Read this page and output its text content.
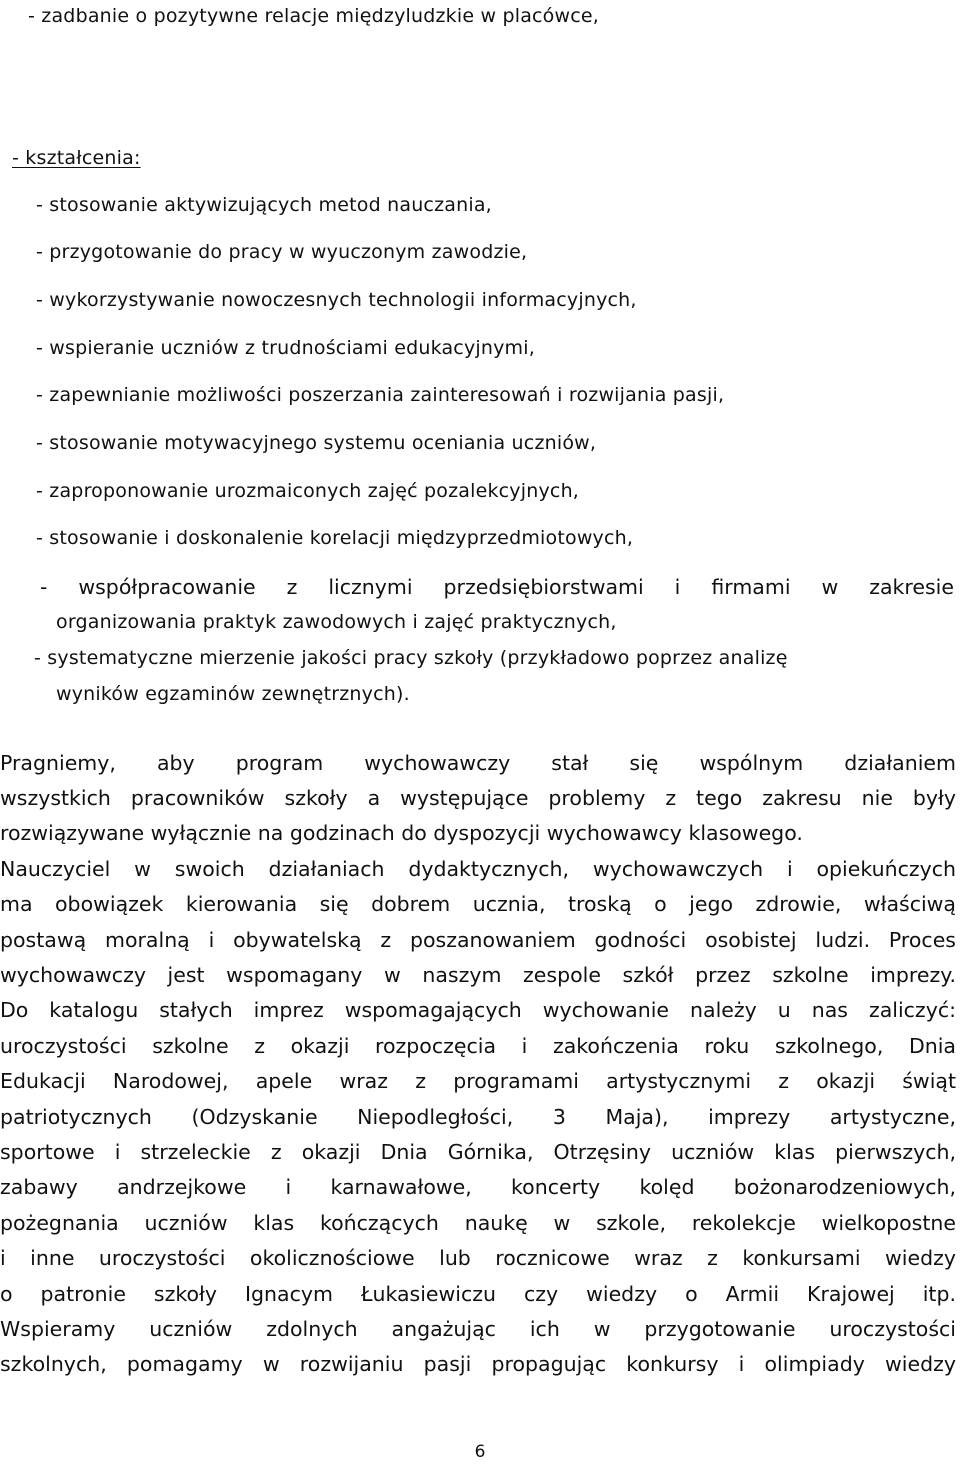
- zadbanie o pozytywne relacje międzyludzkie w placówce,
- kształcenia:
- stosowanie aktywizujących metod nauczania,
- przygotowanie do pracy w wyuczonym zawodzie,
- wykorzystywanie nowoczesnych technologii informacyjnych,
- wspieranie uczniów z trudnościami edukacyjnymi,
- zapewnianie możliwości poszerzania zainteresowań i rozwijania pasji,
- stosowanie motywacyjnego systemu oceniania uczniów,
- zaproponowanie urozmaiconych zajęć pozalekcyjnych,
- stosowanie i doskonalenie korelacji międzyprzedmiotowych,
- współpracowanie z licznymi przedsiębiorstwami i firmami w zakresie
organizowania praktyk zawodowych i zajęć praktycznych,
- systematyczne mierzenie jakości pracy szkoły (przykładowo poprzez analizę
wyników egzaminów zewnętrznych).
Pragniemy, aby program wychowawczy stał się wspólnym działaniem
wszystkich pracowników szkoły a występujące problemy z tego zakresu nie były
rozwiązywane wyłącznie na godzinach do dyspozycji wychowawcy klasowego.
Nauczyciel w swoich działaniach dydaktycznych, wychowawczych i opiekuńczych
ma obowiązek kierowania się dobrem ucznia, troską o jego zdrowie, właściwą
postawą moralną i obywatelską z poszanowaniem godności osobistej ludzi. Proces
wychowawczy jest wspomagany w naszym zespole szkół przez szkolne imprezy.
Do katalogu stałych imprez wspomagających wychowanie należy u nas zaliczyć:
uroczystości szkolne z okazji rozpoczęcia i zakończenia roku szkolnego, Dnia
Edukacji Narodowej, apele wraz z programami artystycznymi z okazji świąt
patriotycznych (Odzyskanie Niepodległości, 3 Maja), imprezy artystyczne,
sportowe i strzeleckie z okazji Dnia Górnika, Otrzęsiny uczniów klas pierwszych,
zabawy andrzejkowe i karnawałowe, koncerty kolęd bożonarodzeniowych,
pożegnania uczniów klas kończących naukę w szkole, rekolekcje wielkopostne
i inne uroczystości okolicznościowe lub rocznicowe wraz z konkursami wiedzy
o patronie szkoły Ignacym Łukasiewiczu czy wiedzy o Armii Krajowej itp.
Wspieramy uczniów zdolnych angażując ich w przygotowanie uroczystości
szkolnych, pomagamy w rozwijaniu pasji propagując konkursy i olimpiady wiedzy
6
